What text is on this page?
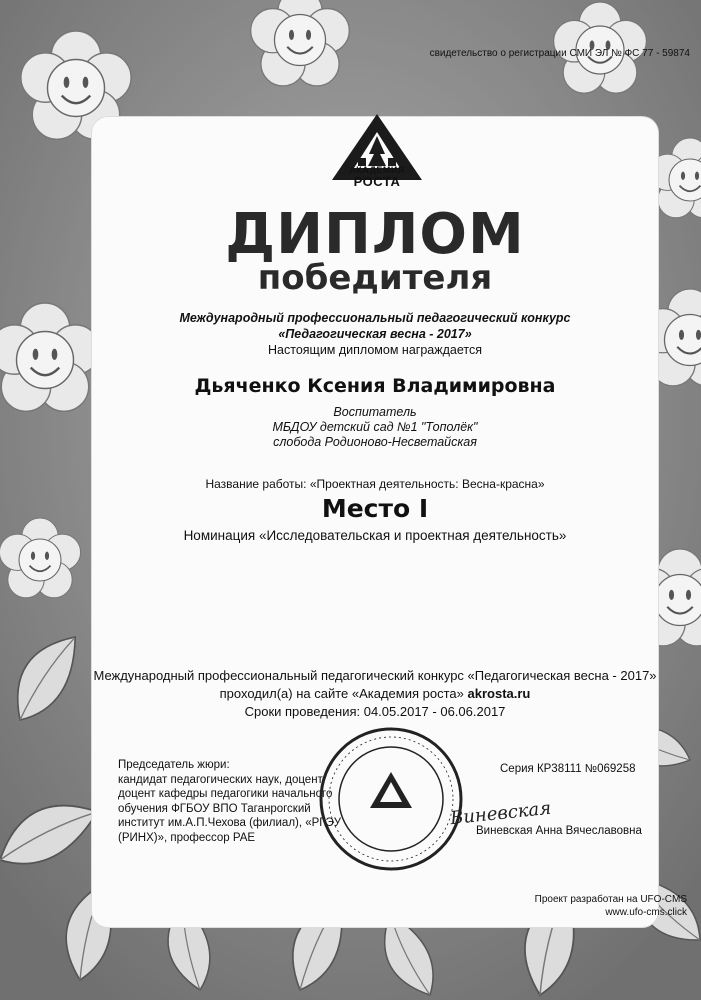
свидетельство о регистрации СМИ ЭЛ № ФС 77 - 59874
АКАДЕМИЯ
РОСТА
ДИПЛОМ
победителя
Международный профессиональный педагогический конкурс
«Педагогическая весна - 2017»
Настоящим дипломом награждается
Дьяченко Ксения Владимировна
Воспитатель
МБДОУ детский сад №1 "Тополёк"
слобода Родионово-Несветайская
Название работы: «Проектная деятельность: Весна-красна»
Место I
Номинация «Исследовательская и проектная деятельность»
Международный профессиональный педагогический конкурс «Педагогическая весна - 2017»
проходил(а) на сайте «Академия роста» akrosta.ru
Сроки проведения: 04.05.2017 - 06.06.2017
Председатель жюри:
кандидат педагогических наук, доцент
доцент кафедры педагогики начального
обучения ФГБОУ ВПО Таганрогский
институт им.А.П.Чехова (филиал), «РГЭУ
(РИНХ)», профессор РАЕ
Серия КР38111 №069258
Виневская
Виневская Анна Вячеславовна
Проект разработан на UFO-CMS
www.ufo-cms.click
